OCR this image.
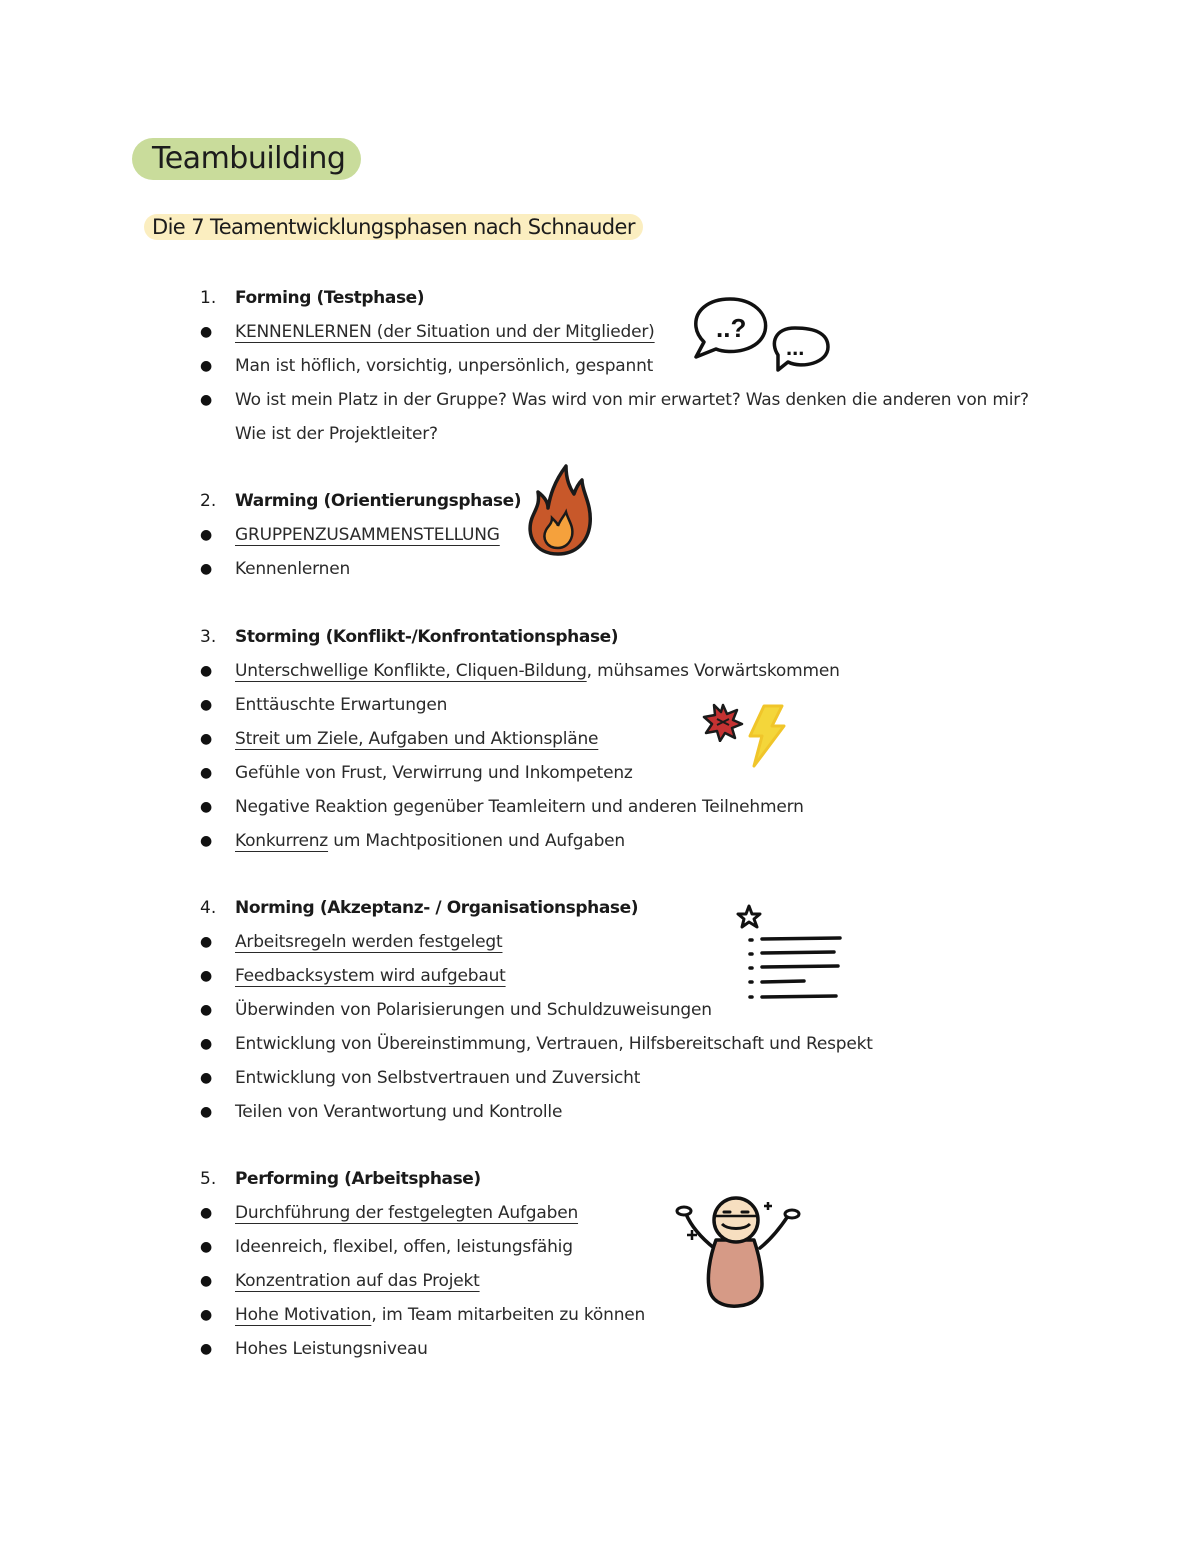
Teambuilding
Die 7 Teamentwicklungsphasen nach Schnauder
1.	Forming (Testphase)
● KENNENLERNEN (der Situation und der Mitglieder)
● Man ist höflich, vorsichtig, unpersönlich, gespannt
● Wo ist mein Platz in der Gruppe? Was wird von mir erwartet? Was denken die anderen von mir?
Wie ist der Projektleiter?
2.	Warming (Orientierungsphase)
● GRUPPENZUSAMMENSTELLUNG
● Kennenlernen
3.	Storming (Konflikt-/Konfrontationsphase)
● Unterschwellige Konflikte, Cliquen-Bildung, mühsames Vorwärtskommen
● Enttäuschte Erwartungen
● Streit um Ziele, Aufgaben und Aktionspläne
● Gefühle von Frust, Verwirrung und Inkompetenz
● Negative Reaktion gegenüber Teamleitern und anderen Teilnehmern
● Konkurrenz um Machtpositionen und Aufgaben
4.	Norming (Akzeptanz- / Organisationsphase)
● Arbeitsregeln werden festgelegt
● Feedbacksystem wird aufgebaut
● Überwinden von Polarisierungen und Schuldzuweisungen
● Entwicklung von Übereinstimmung, Vertrauen, Hilfsbereitschaft und Respekt
● Entwicklung von Selbstvertrauen und Zuversicht
● Teilen von Verantwortung und Kontrolle
5.	Performing (Arbeitsphase)
● Durchführung der festgelegten Aufgaben
● Ideenreich, flexibel, offen, leistungsfähig
● Konzentration auf das Projekt
● Hohe Motivation, im Team mitarbeiten zu können
● Hohes Leistungsniveau
..?
...
